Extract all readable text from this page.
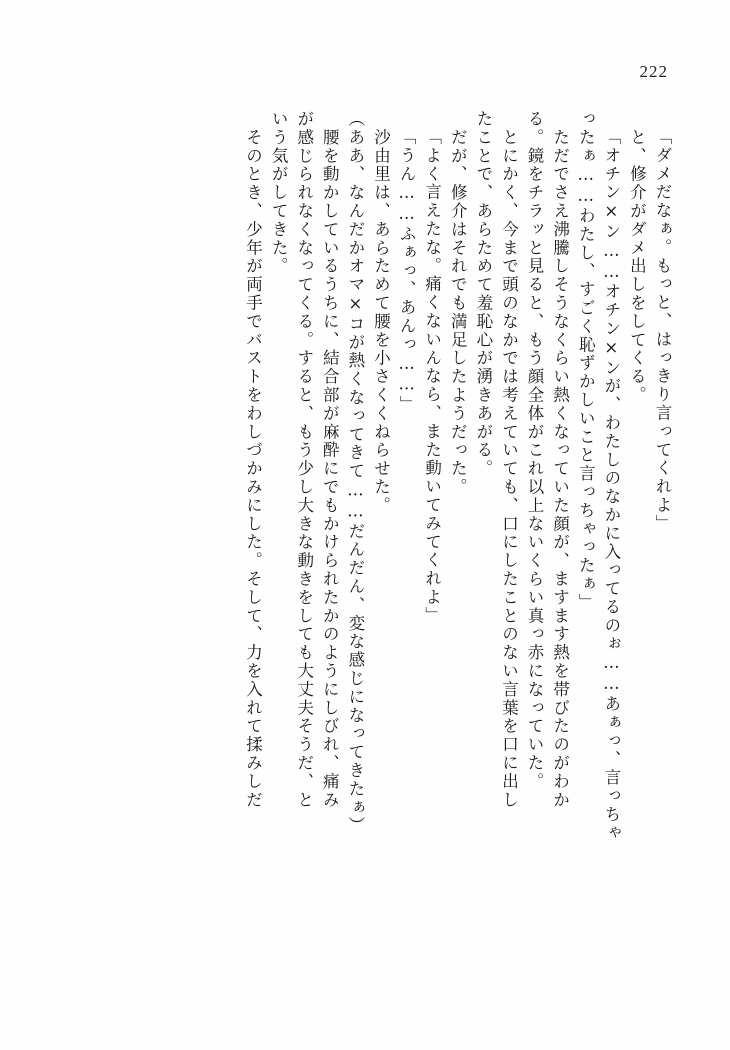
222
「ダメだなぁ。もっと、はっきり言ってくれよ」
　と、修介がダメ出しをしてくる。
「オチン×ン……オチン×ンが、わたしのなかに入ってるのぉ……あぁっ、言っちゃ
ったぁ……わたし、すごく恥ずかしいこと言っちゃったぁ」
　ただでさえ沸騰しそうなくらい熱くなっていた顔が、ますます熱を帯びたのがわか
る。鏡をチラッと見ると、もう顔全体がこれ以上ないくらい真っ赤になっていた。
　とにかく、今まで頭のなかでは考えていても、口にしたことのない言葉を口に出し
たことで、あらためて羞恥心が湧きあがる。
　だが、修介はそれでも満足したようだった。
「よく言えたな。痛くないんなら、また動いてみてくれよ」
「うん……ふぁっ、あんっ……」
　沙由里は、あらためて腰を小さくくねらせた。
（ああ、なんだかオマ×コが熱くなってきて……だんだん、変な感じになってきたぁ）
　腰を動かしているうちに、結合部が麻酔にでもかけられたかのようにしびれ、痛み
が感じられなくなってくる。すると、もう少し大きな動きをしても大丈夫そうだ、と
いう気がしてきた。
　そのとき、少年が両手でバストをわしづかみにした。そして、力を入れて揉みしだ
